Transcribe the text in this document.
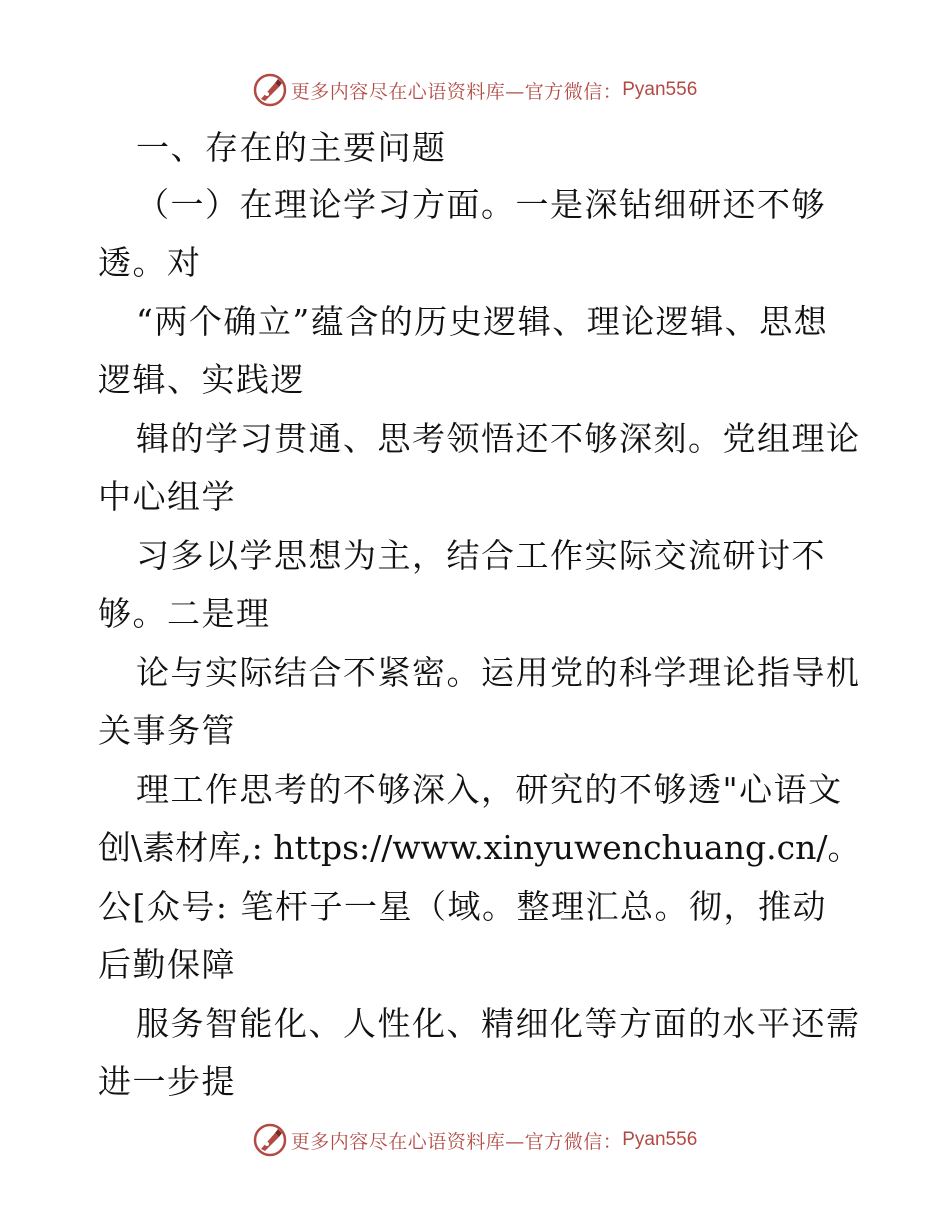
更多内容尽在心语资料库—官方微信： Pyan556
一、存在的主要问题
（一）在理论学习方面。一是深钻细研还不够
透。对
“两个确立”蕴含的历史逻辑、理论逻辑、思想
逻辑、实践逻
辑的学习贯通、思考领悟还不够深刻。党组理论
中心组学
习多以学思想为主，结合工作实际交流研讨不
够。二是理
论与实际结合不紧密。运用党的科学理论指导机
关事务管
理工作思考的不够深入，研究的不够透"心语文
创\素材库,: https://www.xinyuwenchuang.cn/。
公[众号: 笔杆子一星（域。整理汇总。彻，推动
后勤保障
服务智能化、人性化、精细化等方面的水平还需
进一步提
更多内容尽在心语资料库—官方微信： Pyan556
